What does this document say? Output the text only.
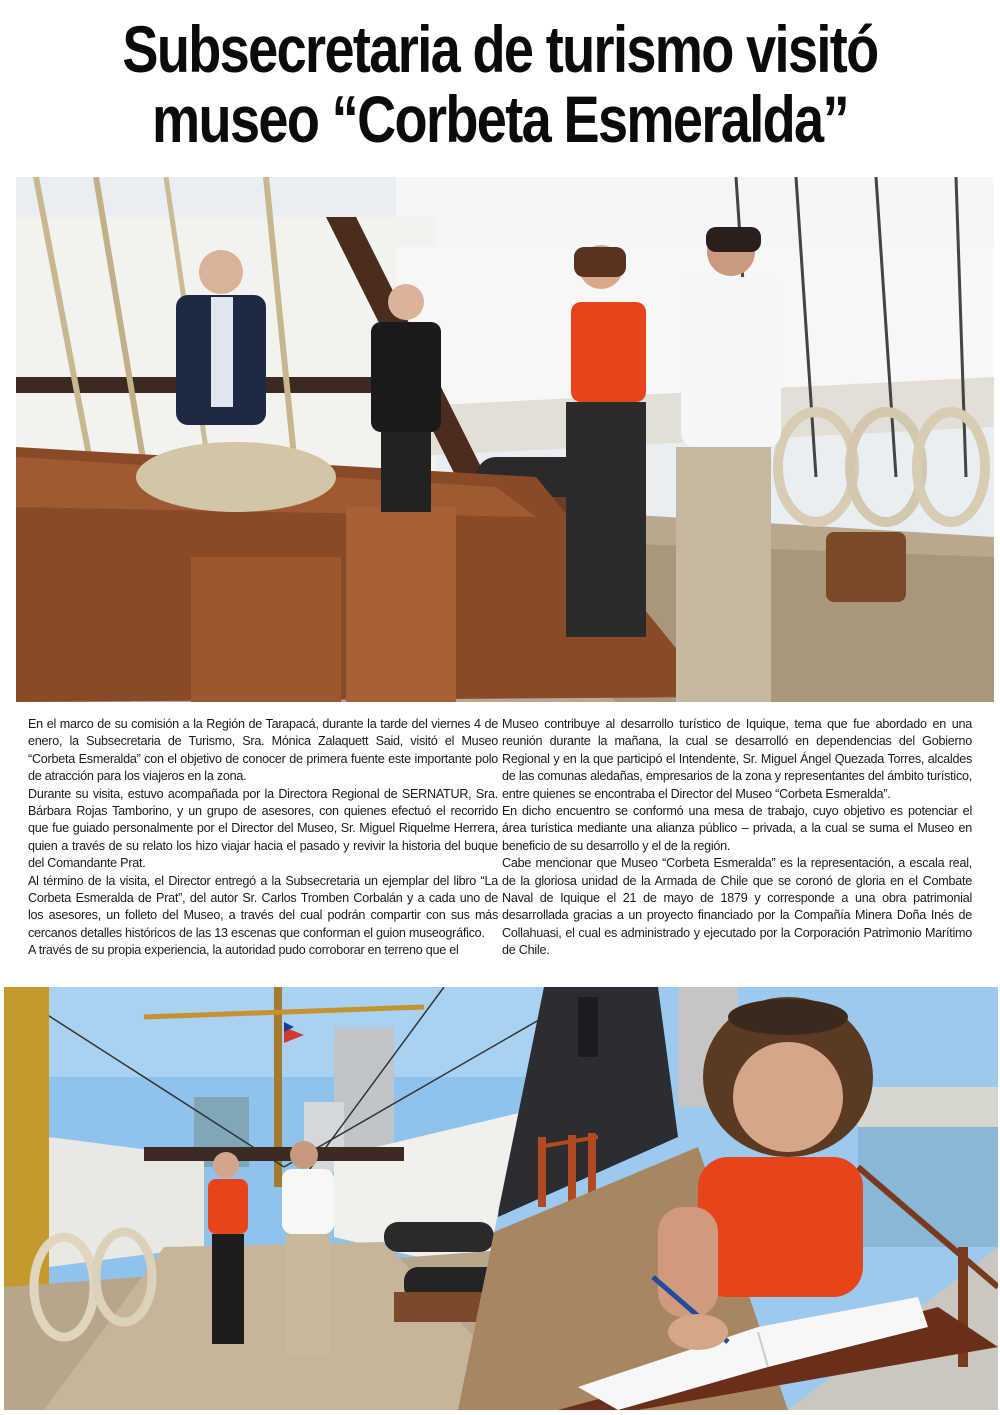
Subsecretaria de turismo visitó
museo “Corbeta Esmeralda”

En el marco de su comisión a la Región de Tarapacá, durante la tarde del viernes 4 de enero, la Subsecretaria de Turismo, Sra. Mónica Zalaquett Said, visitó el Museo “Corbeta Esmeralda” con el objetivo de conocer de primera fuente este importante polo de atracción para los viajeros en la zona.

Durante su visita, estuvo acompañada por la Directora Regional de SERNATUR, Sra. Bárbara Rojas Tamborino, y un grupo de asesores, con quienes efectuó el recorrido que fue guiado personalmente por el Director del Museo, Sr. Miguel Riquelme Herrera, quien a través de su relato los hizo viajar hacia el pasado y revivir la historia del buque del Comandante Prat.

Al término de la visita, el Director entregó a la Subsecretaria un ejemplar del libro “La Corbeta Esmeralda de Prat”, del autor Sr. Carlos Tromben Corbalán y a cada uno de los asesores, un folleto del Museo, a través del cual podrán compartir con sus más cercanos detalles históricos de las 13 escenas que conforman el guion museográfico.

A través de su propia experiencia, la autoridad pudo corroborar en terreno que el

Museo contribuye al desarrollo turístico de Iquique, tema que fue abordado en una reunión durante la mañana, la cual se desarrolló en dependencias del Gobierno Regional y en la que participó el Intendente, Sr. Miguel Ángel Quezada Torres, alcaldes de las comunas aledañas, empresarios de la zona y representantes del ámbito turístico, entre quienes se encontraba el Director del Museo “Corbeta Esmeralda”.

En dicho encuentro se conformó una mesa de trabajo, cuyo objetivo es potenciar el área turística mediante una alianza público – privada, a la cual se suma el Museo en beneficio de su desarrollo y el de la región.

Cabe mencionar que Museo “Corbeta Esmeralda” es la representación, a escala real, de la gloriosa unidad de la Armada de Chile que se coronó de gloria en el Combate Naval de Iquique el 21 de mayo de 1879 y corresponde a una obra patrimonial desarrollada gracias a un proyecto financiado por la Compañía Minera Doña Inés de Collahuasi, el cual es administrado y ejecutado por la Corporación Patrimonio Marítimo de Chile.
